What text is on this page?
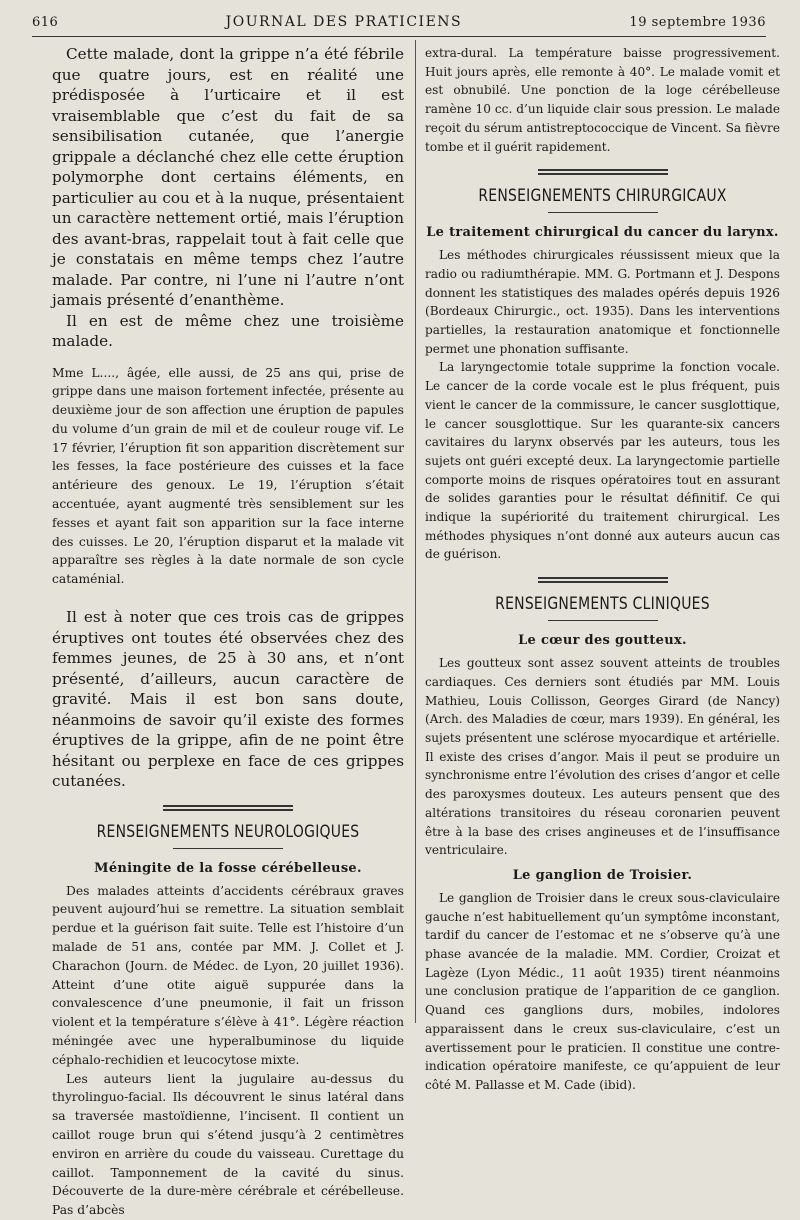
616	JOURNAL DES PRATICIENS	19 septembre 1936

Cette malade, dont la grippe n’a été fébrile que quatre jours, est en réalité une prédisposée à l’urticaire et il est vraisemblable que c’est du fait de sa sensibilisation cutanée, que l’anergie grippale a déclanché chez elle cette éruption polymorphe dont certains éléments, en particulier au cou et à la nuque, présentaient un caractère nettement ortié, mais l’éruption des avant-bras, rappelait tout à fait celle que je constatais en même temps chez l’autre malade. Par contre, ni l’une ni l’autre n’ont jamais présenté d’enanthème.

Il en est de même chez une troisième malade.

Mme L...., âgée, elle aussi, de 25 ans qui, prise de grippe dans une maison fortement infectée, présente au deuxième jour de son affection une éruption de papules du volume d’un grain de mil et de couleur rouge vif. Le 17 février, l’éruption fit son apparition discrètement sur les fesses, la face postérieure des cuisses et la face antérieure des genoux. Le 19, l’éruption s’était accentuée, ayant augmenté très sensiblement sur les fesses et ayant fait son apparition sur la face interne des cuisses. Le 20, l’éruption disparut et la malade vit apparaître ses règles à la date normale de son cycle cataménial.

Il est à noter que ces trois cas de grippes éruptives ont toutes été observées chez des femmes jeunes, de 25 à 30 ans, et n’ont présenté, d’ailleurs, aucun caractère de gravité. Mais il est bon sans doute, néanmoins de savoir qu’il existe des formes éruptives de la grippe, afin de ne point être hésitant ou perplexe en face de ces grippes cutanées.

RENSEIGNEMENTS NEUROLOGIQUES
Méningite de la fosse cérébelleuse.

Des malades atteints d’accidents cérébraux graves peuvent aujourd’hui se remettre. La situation semblait perdue et la guérison fait suite. Telle est l’histoire d’un malade de 51 ans, contée par MM. J. Collet et J. Charachon (Journ. de Médec. de Lyon, 20 juillet 1936). Atteint d’une otite aiguë suppurée dans la convalescence d’une pneumonie, il fait un frisson violent et la température s’élève à 41°. Légère réaction méningée avec une hyperalbuminose du liquide céphalo-rechidien et leucocytose mixte.

Les auteurs lient la jugulaire au-dessus du thyrolinguo-facial. Ils découvrent le sinus latéral dans sa traversée mastoïdienne, l’incisent. Il contient un caillot rouge brun qui s’étend jusqu’à 2 centimètres environ en arrière du coude du vaisseau. Curettage du caillot. Tamponnement de la cavité du sinus. Découverte de la dure-mère cérébrale et cérébelleuse. Pas d’abcès

extra-dural. La température baisse progressivement. Huit jours après, elle remonte à 40°. Le malade vomit et est obnubilé. Une ponction de la loge cérébelleuse ramène 10 cc. d’un liquide clair sous pression. Le malade reçoit du sérum antistreptococcique de Vincent. Sa fièvre tombe et il guérit rapidement.

RENSEIGNEMENTS CHIRURGICAUX
Le traitement chirurgical du cancer du larynx.

Les méthodes chirurgicales réussissent mieux que la radio ou radiumthérapie. MM. G. Portmann et J. Despons donnent les statistiques des malades opérés depuis 1926 (Bordeaux Chirurgic., oct. 1935). Dans les interventions partielles, la restauration anatomique et fonctionnelle permet une phonation suffisante.

La laryngectomie totale supprime la fonction vocale. Le cancer de la corde vocale est le plus fréquent, puis vient le cancer de la commissure, le cancer susglottique, le cancer sousglottique. Sur les quarante-six cancers cavitaires du larynx observés par les auteurs, tous les sujets ont guéri excepté deux. La laryngectomie partielle comporte moins de risques opératoires tout en assurant de solides garanties pour le résultat définitif. Ce qui indique la supériorité du traitement chirurgical. Les méthodes physiques n’ont donné aux auteurs aucun cas de guérison.

RENSEIGNEMENTS CLINIQUES
Le cœur des goutteux.

Les goutteux sont assez souvent atteints de troubles cardiaques. Ces derniers sont étudiés par MM. Louis Mathieu, Louis Collisson, Georges Girard (de Nancy) (Arch. des Maladies de cœur, mars 1939). En général, les sujets présentent une sclérose myocardique et artérielle. Il existe des crises d’angor. Mais il peut se produire un synchronisme entre l’évolution des crises d’angor et celle des paroxysmes douteux. Les auteurs pensent que des altérations transitoires du réseau coronarien peuvent être à la base des crises angineuses et de l’insuffisance ventriculaire.

Le ganglion de Troisier.

Le ganglion de Troisier dans le creux sous-claviculaire gauche n’est habituellement qu’un symptôme inconstant, tardif du cancer de l’estomac et ne s’observe qu’à une phase avancée de la maladie. MM. Cordier, Croizat et Lagèze (Lyon Médic., 11 août 1935) tirent néanmoins une conclusion pratique de l’apparition de ce ganglion. Quand ces ganglions durs, mobiles, indolores apparaissent dans le creux sus-claviculaire, c’est un avertissement pour le praticien. Il constitue une contre-indication opératoire manifeste, ce qu’appuient de leur côté M. Pallasse et M. Cade (ibid).
